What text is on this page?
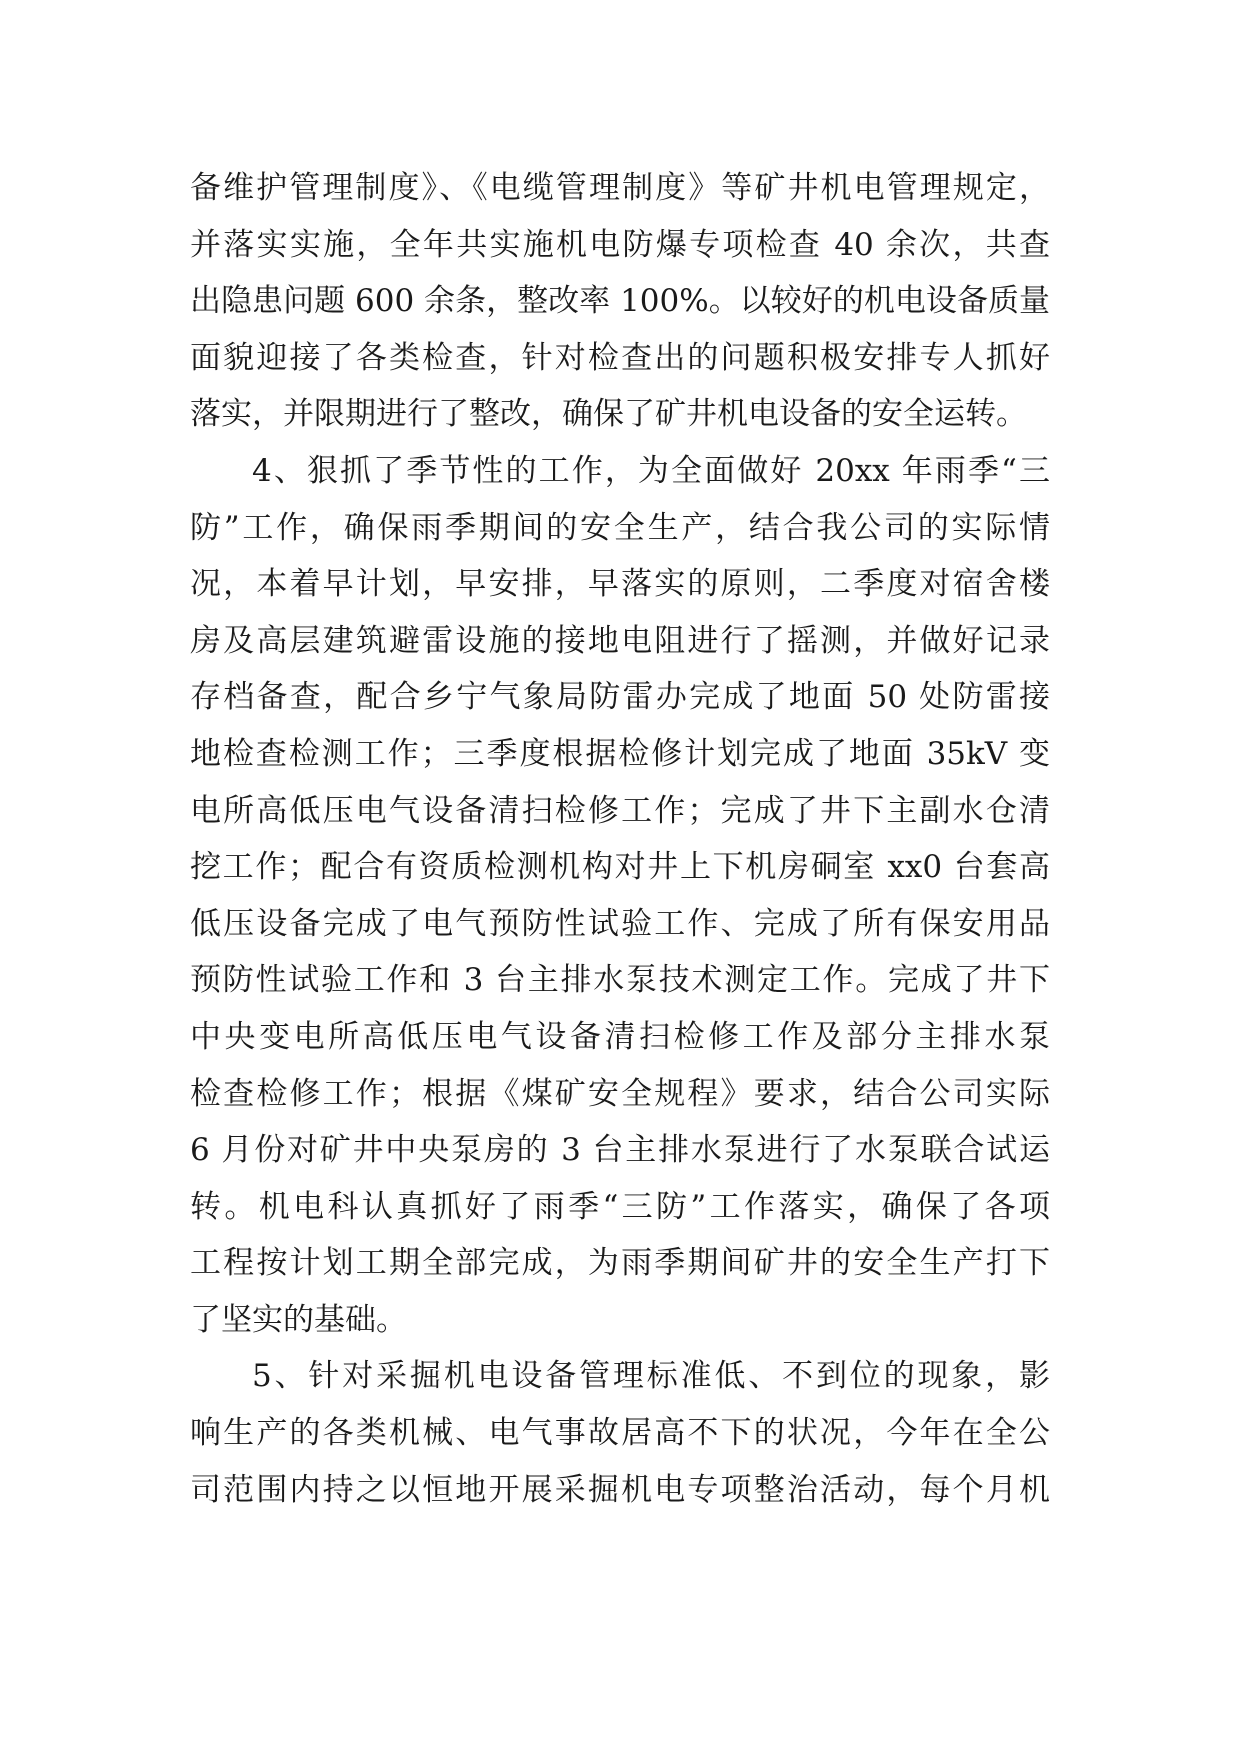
备维护管理制度》、《电缆管理制度》等矿井机电管理规定，
并落实实施，全年共实施机电防爆专项检查 40 余次，共查
出隐患问题 600 余条，整改率 100%。以较好的机电设备质量
面貌迎接了各类检查，针对检查出的问题积极安排专人抓好
落实，并限期进行了整改，确保了矿井机电设备的安全运转。
4、狠抓了季节性的工作，为全面做好 20xx 年雨季“三
防”工作，确保雨季期间的安全生产，结合我公司的实际情
况，本着早计划，早安排，早落实的原则，二季度对宿舍楼
房及高层建筑避雷设施的接地电阻进行了摇测，并做好记录
存档备查，配合乡宁气象局防雷办完成了地面 50 处防雷接
地检查检测工作；三季度根据检修计划完成了地面 35kV 变
电所高低压电气设备清扫检修工作；完成了井下主副水仓清
挖工作；配合有资质检测机构对井上下机房硐室 xx0 台套高
低压设备完成了电气预防性试验工作、完成了所有保安用品
预防性试验工作和 3 台主排水泵技术测定工作。完成了井下
中央变电所高低压电气设备清扫检修工作及部分主排水泵
检查检修工作；根据《煤矿安全规程》要求，结合公司实际
6 月份对矿井中央泵房的 3 台主排水泵进行了水泵联合试运
转。机电科认真抓好了雨季“三防”工作落实，确保了各项
工程按计划工期全部完成，为雨季期间矿井的安全生产打下
了坚实的基础。
5、针对采掘机电设备管理标准低、不到位的现象，影
响生产的各类机械、电气事故居高不下的状况，今年在全公
司范围内持之以恒地开展采掘机电专项整治活动，每个月机
